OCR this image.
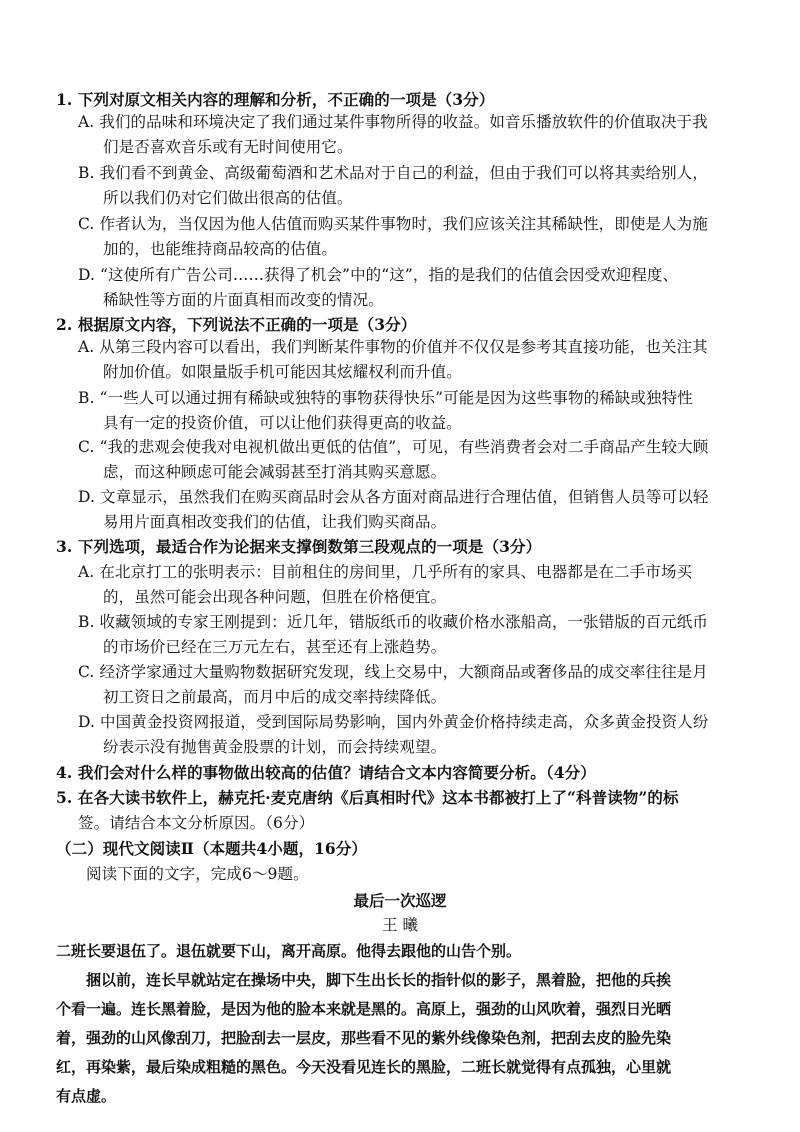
1. 下列对原文相关内容的理解和分析，不正确的一项是（3分）
A. 我们的品味和环境决定了我们通过某件事物所得的收益。如音乐播放软件的价值取决于我
们是否喜欢音乐或有无时间使用它。
B. 我们看不到黄金、高级葡萄酒和艺术品对于自己的利益，但由于我们可以将其卖给别人，
所以我们仍对它们做出很高的估值。
C. 作者认为，当仅因为他人估值而购买某件事物时，我们应该关注其稀缺性，即使是人为施
加的，也能维持商品较高的估值。
D. “这使所有广告公司……获得了机会”中的“这”，指的是我们的估值会因受欢迎程度、
稀缺性等方面的片面真相而改变的情况。
2. 根据原文内容，下列说法不正确的一项是（3分）
A. 从第三段内容可以看出，我们判断某件事物的价值并不仅仅是参考其直接功能，也关注其
附加价值。如限量版手机可能因其炫耀权利而升值。
B. “一些人可以通过拥有稀缺或独特的事物获得快乐”可能是因为这些事物的稀缺或独特性
具有一定的投资价值，可以让他们获得更高的收益。
C. “我的悲观会使我对电视机做出更低的估值”，可见，有些消费者会对二手商品产生较大顾
虑，而这种顾虑可能会减弱甚至打消其购买意愿。
D. 文章显示，虽然我们在购买商品时会从各方面对商品进行合理估值，但销售人员等可以轻
易用片面真相改变我们的估值，让我们购买商品。
3. 下列选项，最适合作为论据来支撑倒数第三段观点的一项是（3分）
A. 在北京打工的张明表示：目前租住的房间里，几乎所有的家具、电器都是在二手市场买
的，虽然可能会出现各种问题，但胜在价格便宜。
B. 收藏领域的专家王刚提到：近几年，错版纸币的收藏价格水涨船高，一张错版的百元纸币
的市场价已经在三万元左右，甚至还有上涨趋势。
C. 经济学家通过大量购物数据研究发现，线上交易中，大额商品或奢侈品的成交率往往是月
初工资日之前最高，而月中后的成交率持续降低。
D. 中国黄金投资网报道，受到国际局势影响，国内外黄金价格持续走高，众多黄金投资人纷
纷表示没有抛售黄金股票的计划，而会持续观望。
4. 我们会对什么样的事物做出较高的估值？请结合文本内容简要分析。（4分）
5. 在各大读书软件上，赫克托·麦克唐纳《后真相时代》这本书都被打上了“科普读物”的标
签。请结合本文分析原因。（6分）
（二）现代文阅读Ⅱ（本题共4小题，16分）
阅读下面的文字，完成6～9题。
最后一次巡逻
王 曦
二班长要退伍了。退伍就要下山，离开高原。他得去跟他的山告个别。
　　捆以前，连长早就站定在操场中央，脚下生出长长的指针似的影子，黑着脸，把他的兵挨
个看一遍。连长黑着脸，是因为他的脸本来就是黑的。高原上，强劲的山风吹着，强烈日光晒
着，强劲的山风像刮刀，把脸刮去一层皮，那些看不见的紫外线像染色剂，把刮去皮的脸先染
红，再染紫，最后染成粗糙的黑色。今天没看见连长的黑脸，二班长就觉得有点孤独，心里就
有点虚。
